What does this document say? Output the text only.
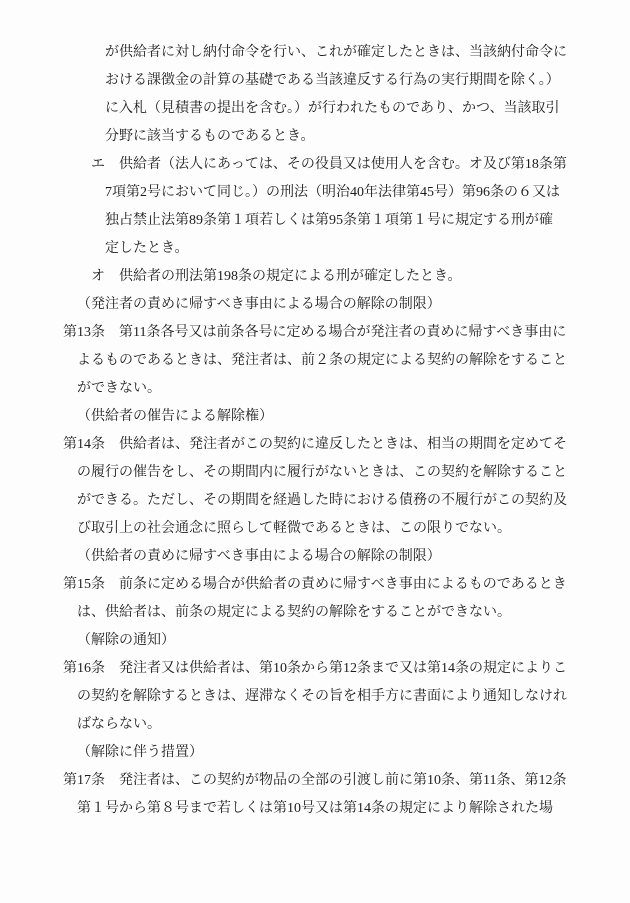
が供給者に対し納付命令を行い、これが確定したときは、当該納付命令に
おける課徴金の計算の基礎である当該違反する行為の実行期間を除く。）
に入札（見積書の提出を含む。）が行われたものであり、かつ、当該取引
分野に該当するものであるとき。
エ 供給者（法人にあっては、その役員又は使用人を含む。オ及び第18条第
7項第2号において同じ。）の刑法（明治40年法律第45号）第96条の６又は
独占禁止法第89条第１項若しくは第95条第１項第１号に規定する刑が確
定したとき。
オ 供給者の刑法第198条の規定による刑が確定したとき。
（発注者の責めに帰すべき事由による場合の解除の制限）
第13条 第11条各号又は前条各号に定める場合が発注者の責めに帰すべき事由に
よるものであるときは、発注者は、前２条の規定による契約の解除をすること
ができない。
（供給者の催告による解除権）
第14条 供給者は、発注者がこの契約に違反したときは、相当の期間を定めてそ
の履行の催告をし、その期間内に履行がないときは、この契約を解除すること
ができる。ただし、その期間を経過した時における債務の不履行がこの契約及
び取引上の社会通念に照らして軽微であるときは、この限りでない。
（供給者の責めに帰すべき事由による場合の解除の制限）
第15条 前条に定める場合が供給者の責めに帰すべき事由によるものであるとき
は、供給者は、前条の規定による契約の解除をすることができない。
（解除の通知）
第16条 発注者又は供給者は、第10条から第12条まで又は第14条の規定によりこ
の契約を解除するときは、遅滞なくその旨を相手方に書面により通知しなけれ
ばならない。
（解除に伴う措置）
第17条 発注者は、この契約が物品の全部の引渡し前に第10条、第11条、第12条
第１号から第８号まで若しくは第10号又は第14条の規定により解除された場
